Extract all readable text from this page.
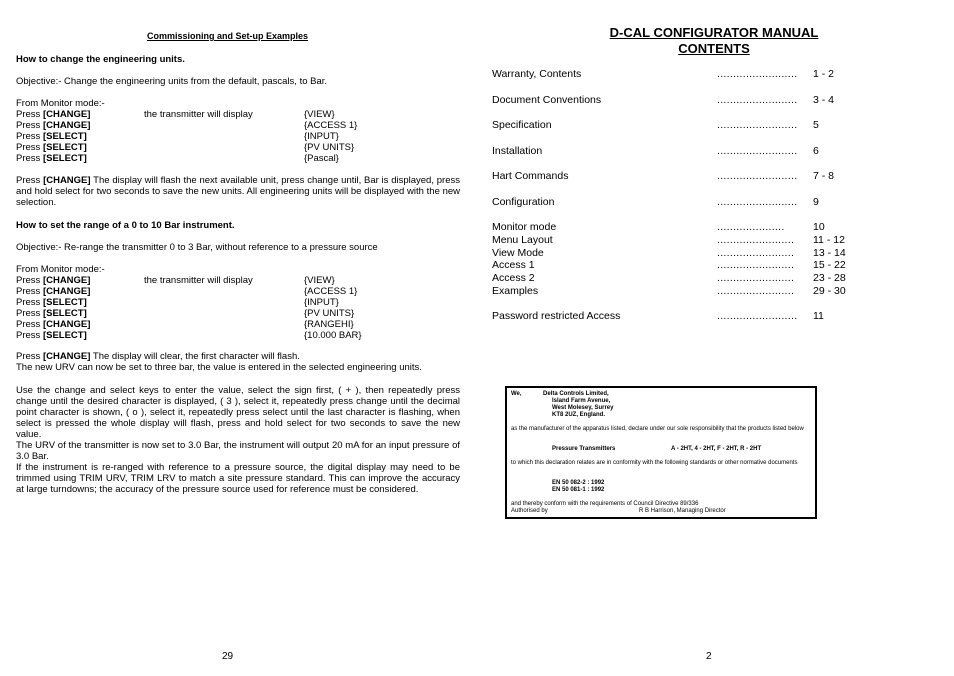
Commissioning and Set-up Examples
How to change the engineering units.
Objective:- Change the engineering units from the default, pascals, to Bar.
From Monitor mode:-
Press [CHANGE]	the transmitter will display	{VIEW}
Press [CHANGE]	{ACCESS 1}
Press [SELECT]	{INPUT}
Press [SELECT]	{PV UNITS}
Press [SELECT]	{Pascal}
Press [CHANGE] The display will flash the next available unit, press change until, Bar is displayed, press and hold select for two seconds to save the new units. All engineering units will be displayed with the new selection.
How to set the range of a 0 to 10 Bar instrument.
Objective:- Re-range the transmitter 0 to 3 Bar, without reference to a pressure source
From Monitor mode:-
Press [CHANGE]	the transmitter will display	{VIEW}
Press [CHANGE]	{ACCESS 1}
Press [SELECT]	{INPUT}
Press [SELECT]	{PV UNITS}
Press [CHANGE]	{RANGEHI}
Press [SELECT]	{10.000 BAR}
Press [CHANGE] The display will clear, the first character will flash.
The new URV can now be set to three bar, the value is entered in the selected engineering units.
Use the change and select keys to enter the value, select the sign first, ( + ), then repeatedly press change until the desired character is displayed, ( 3 ), select it, repeatedly press change until the decimal point character is shown, ( o ), select it, repeatedly press select until the last character is flashing, when select is pressed the whole display will flash, press and hold select for two seconds to save the new value.
The URV of the transmitter is now set to 3.0 Bar, the instrument will output 20 mA for an input pressure of 3.0 Bar.
If the instrument is re-ranged with reference to a pressure source, the digital display may need to be trimmed using TRIM URV, TRIM LRV to match a site pressure standard. This can improve the accuracy at large turndowns; the accuracy of the pressure source used for reference must be considered.
29
D-CAL CONFIGURATOR MANUAL
CONTENTS
Warranty, Contents	......................... 1 - 2
Document Conventions	......................... 3 - 4
Specification	......................... 5
Installation	......................... 6
Hart Commands	......................... 7 - 8
Configuration	......................... 9
Monitor mode	.....................	10
Menu Layout	........................ 11 - 12
View Mode	........................ 13 - 14
Access 1	........................ 15 - 22
Access 2	........................ 23 - 28
Examples	........................ 29 - 30
Password restricted Access	......................... 11
We,	Delta Controls Limited,
Island Farm Avenue,
West Molesey, Surrey
KT8 2UZ, England.
as the manufacturer of the apparatus listed, declare under our sole responsibility that the products listed below
Pressure Transmitters	A - 2HT, 4 - 2HT, F - 2HT, R - 2HT
to which this declaration relates are in conformity with the following standards or other normative documents
EN 50 082-2 : 1992
EN 50 081-1 : 1992
and thereby conform with the requirements of Council Directive 89/336
Authorised by	R B Harrison, Managing Director
2
